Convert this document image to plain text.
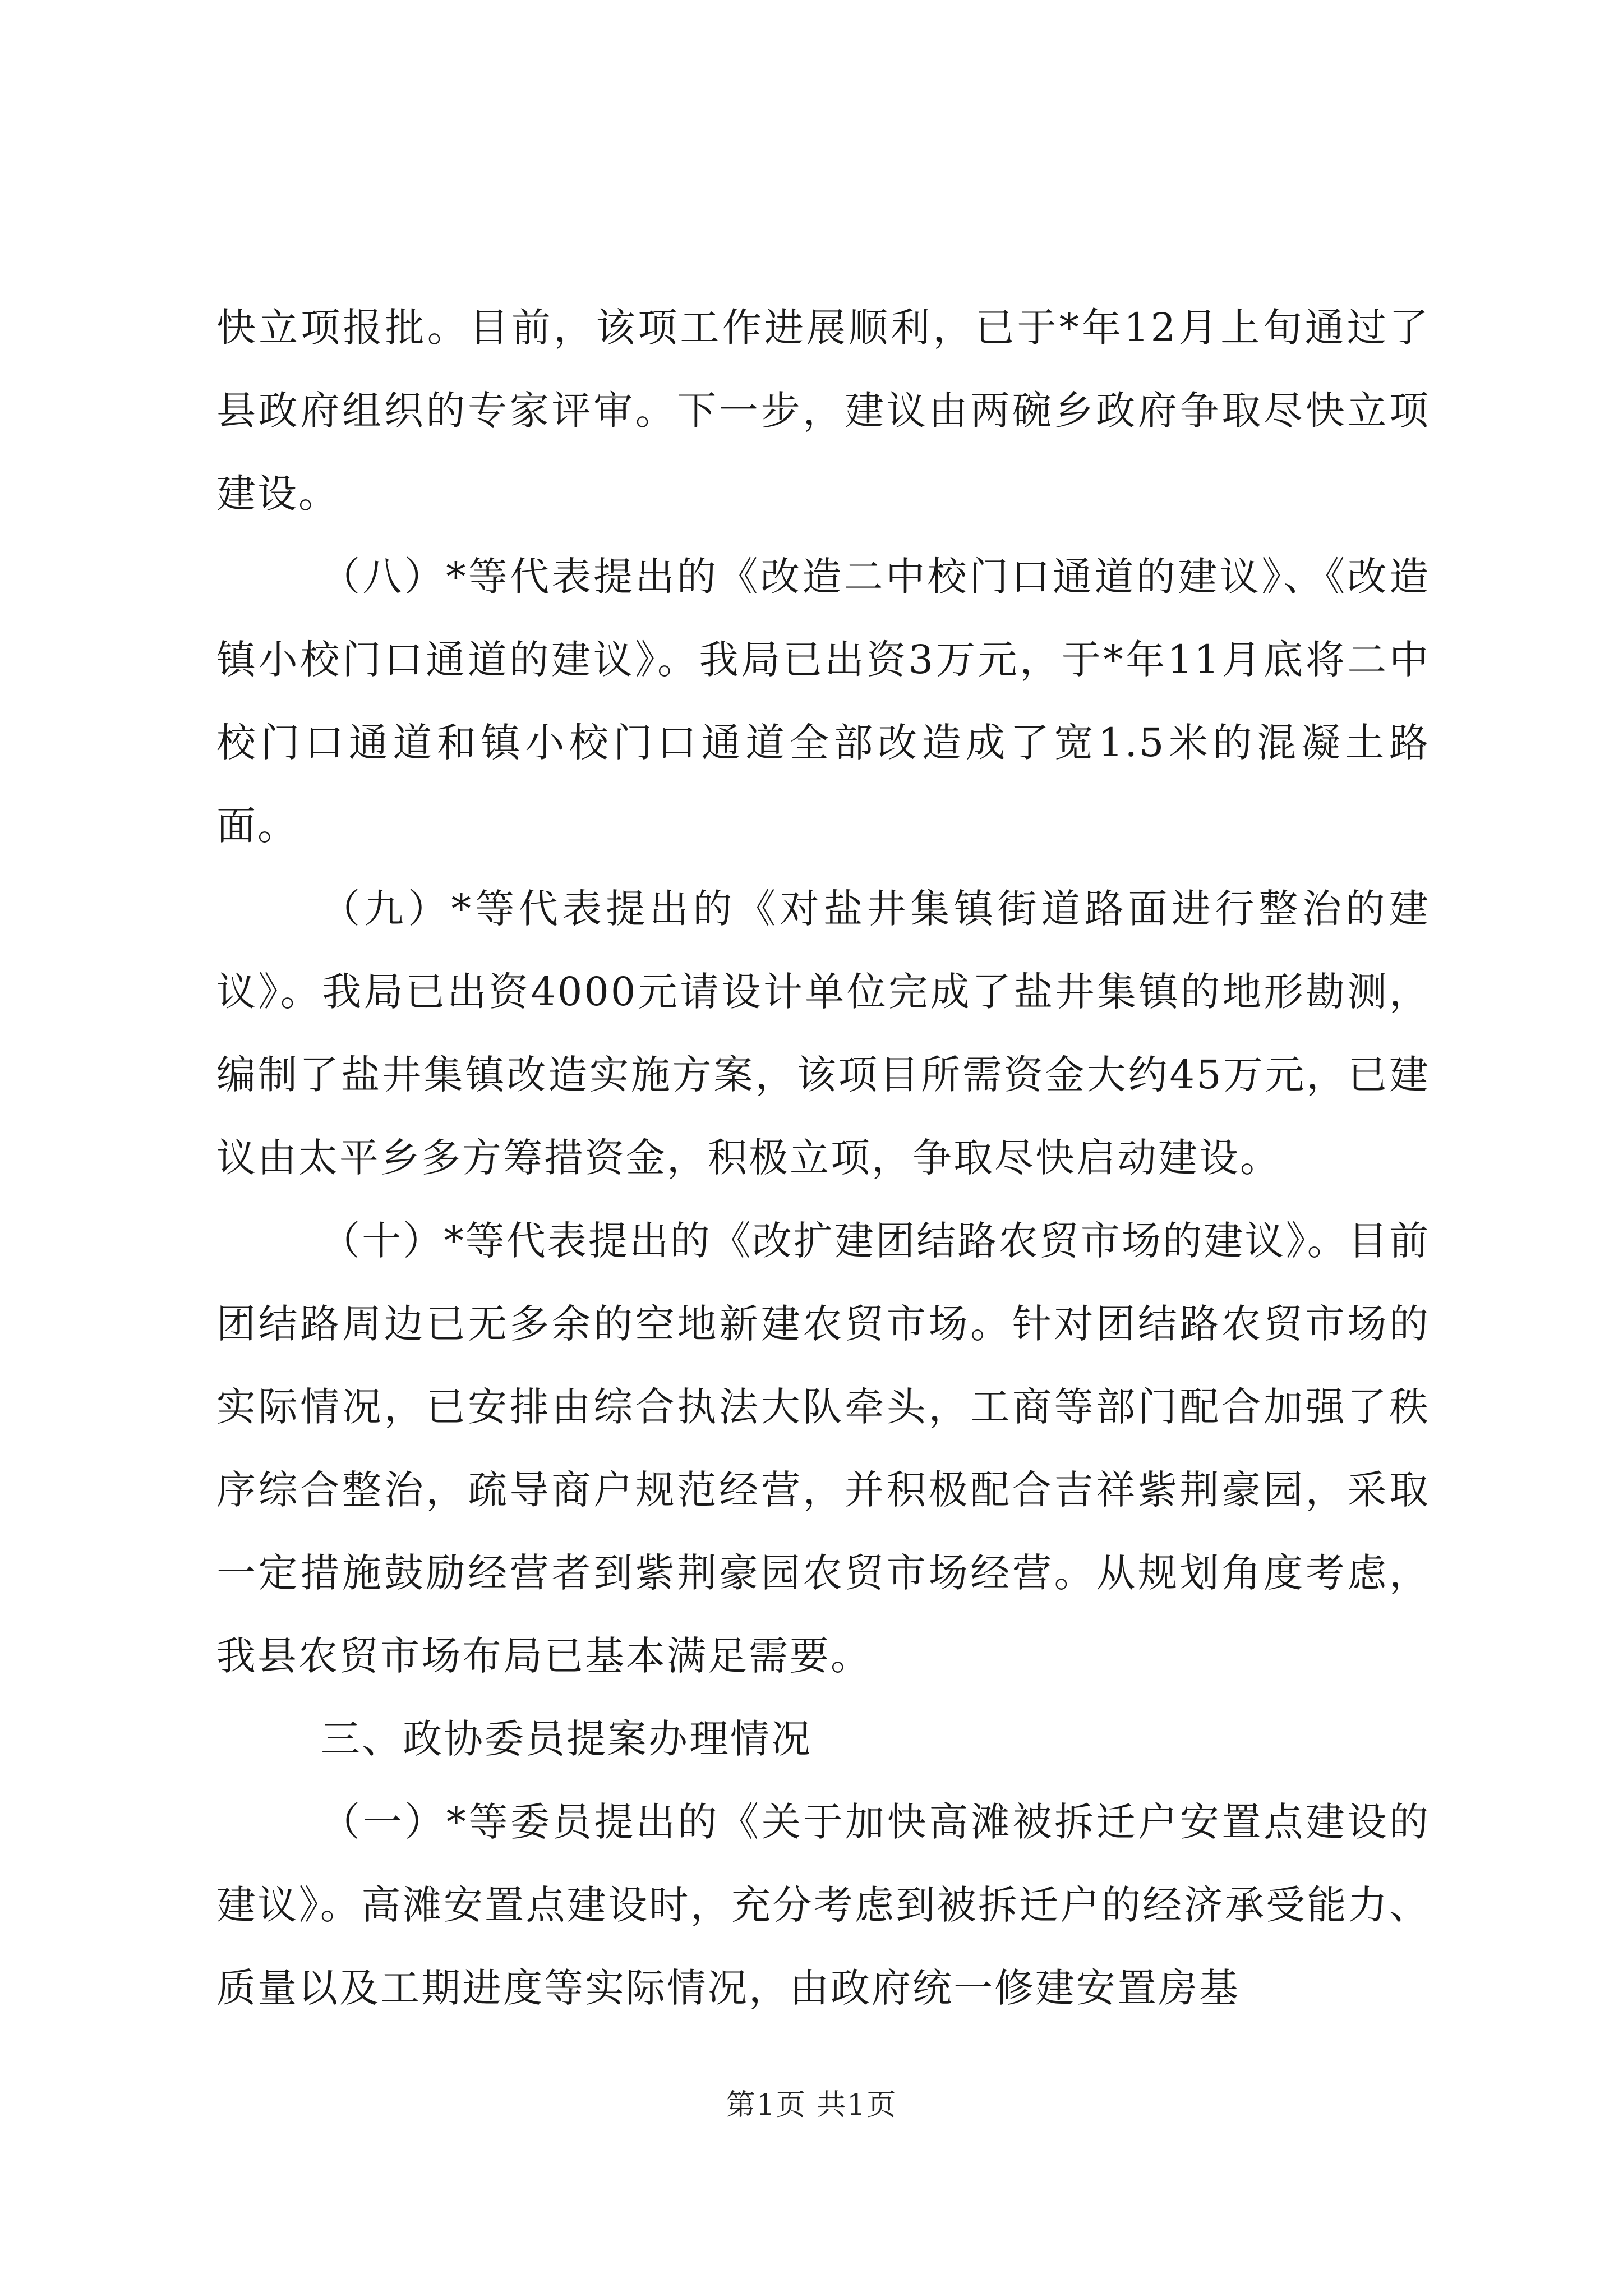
快立项报批。目前，该项工作进展顺利，已于*年12月上旬通过了县政府组织的专家评审。下一步，建议由两碗乡政府争取尽快立项建设。

（八）*等代表提出的《改造二中校门口通道的建议》、《改造镇小校门口通道的建议》。我局已出资3万元，于*年11月底将二中校门口通道和镇小校门口通道全部改造成了宽1.5米的混凝土路面。

（九）*等代表提出的《对盐井集镇街道路面进行整治的建议》。我局已出资4000元请设计单位完成了盐井集镇的地形勘测，编制了盐井集镇改造实施方案，该项目所需资金大约45万元，已建议由太平乡多方筹措资金，积极立项，争取尽快启动建设。

（十）*等代表提出的《改扩建团结路农贸市场的建议》。目前团结路周边已无多余的空地新建农贸市场。针对团结路农贸市场的实际情况，已安排由综合执法大队牵头，工商等部门配合加强了秩序综合整治，疏导商户规范经营，并积极配合吉祥紫荆豪园，采取一定措施鼓励经营者到紫荆豪园农贸市场经营。从规划角度考虑，我县农贸市场布局已基本满足需要。

三、政协委员提案办理情况

（一）*等委员提出的《关于加快高滩被拆迁户安置点建设的建议》。高滩安置点建设时，充分考虑到被拆迁户的经济承受能力、质量以及工期进度等实际情况，由政府统一修建安置房基

第1页 共1页
